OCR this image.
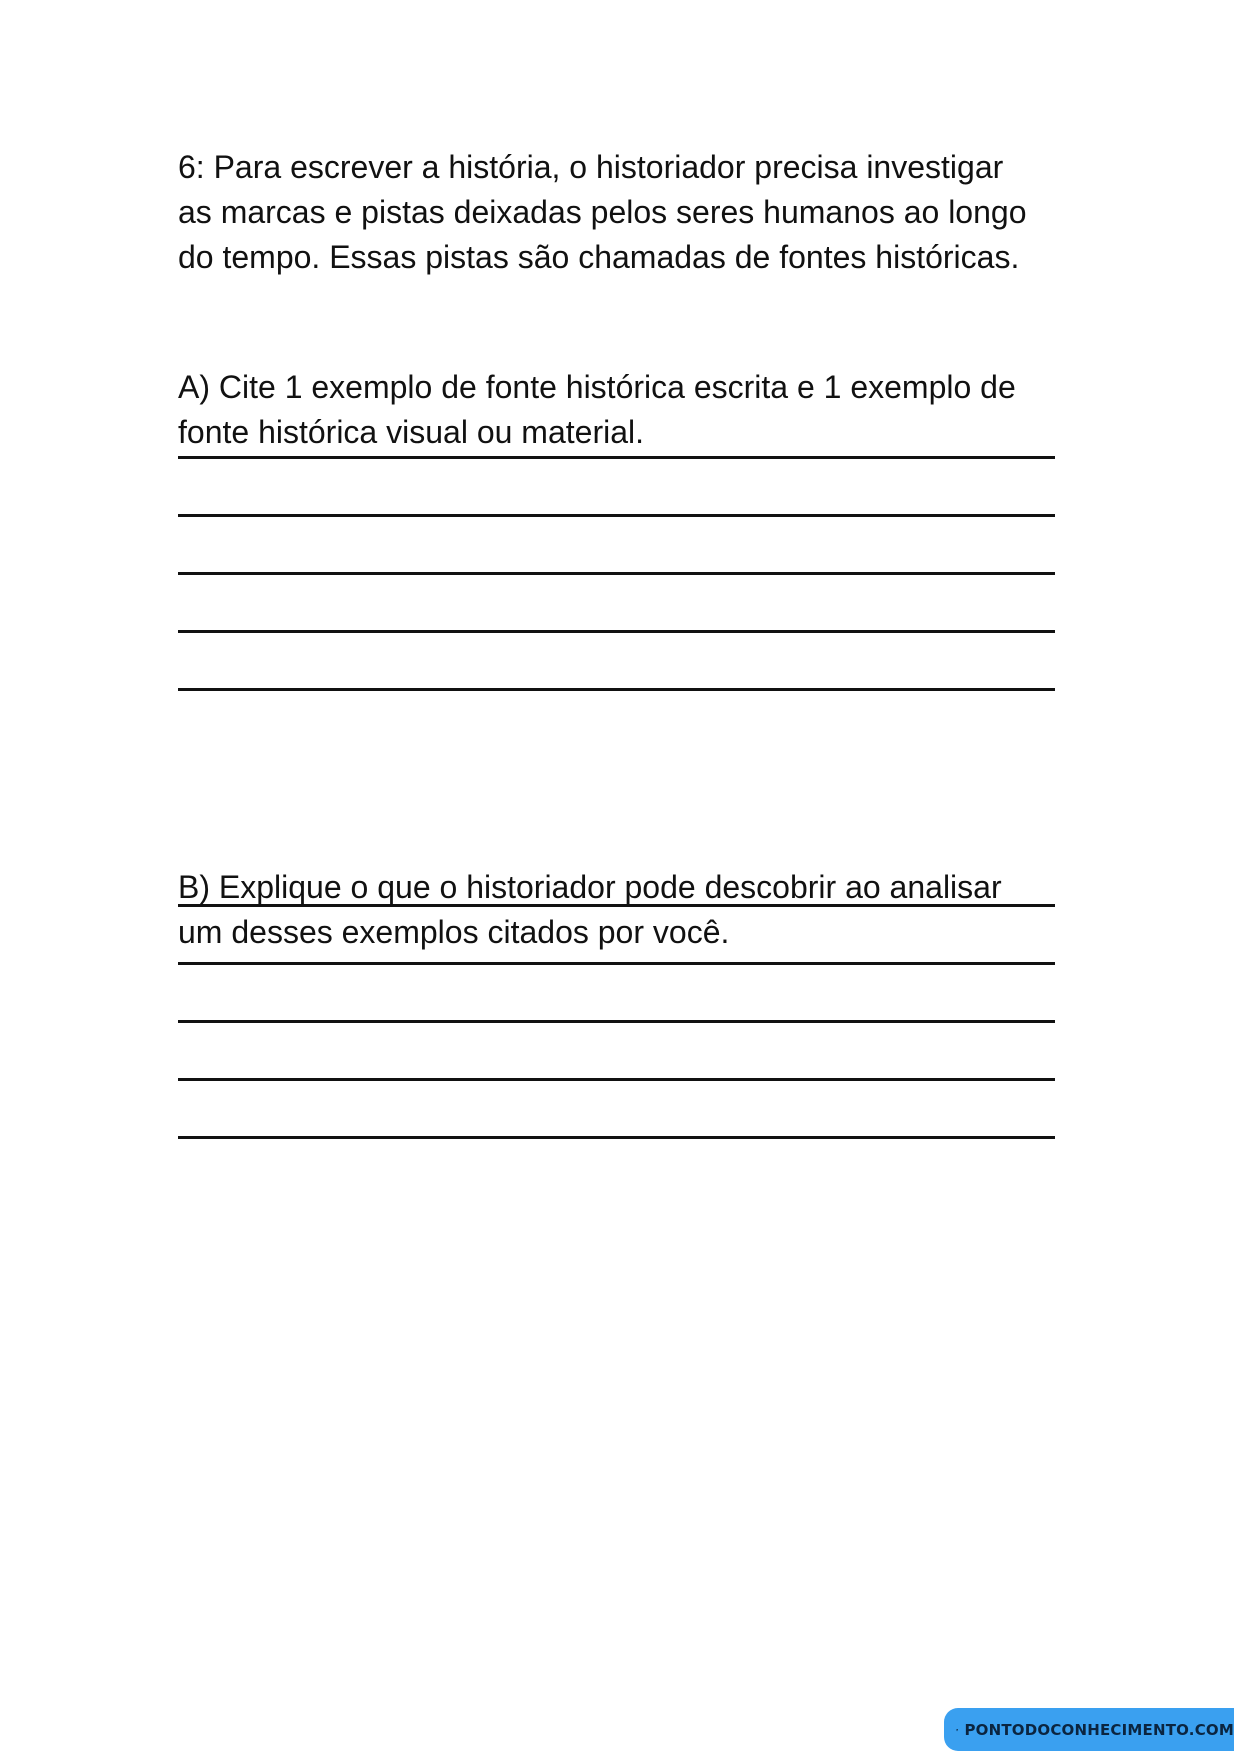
6: Para escrever a história, o historiador precisa investigar
as marcas e pistas deixadas pelos seres humanos ao longo
do tempo. Essas pistas são chamadas de fontes históricas.

A) Cite 1 exemplo de fonte histórica escrita e 1 exemplo de
fonte histórica visual ou material.

B) Explique o que o historiador pode descobrir ao analisar
um desses exemplos citados por você.

PONTODOCONHECIMENTO.COM
